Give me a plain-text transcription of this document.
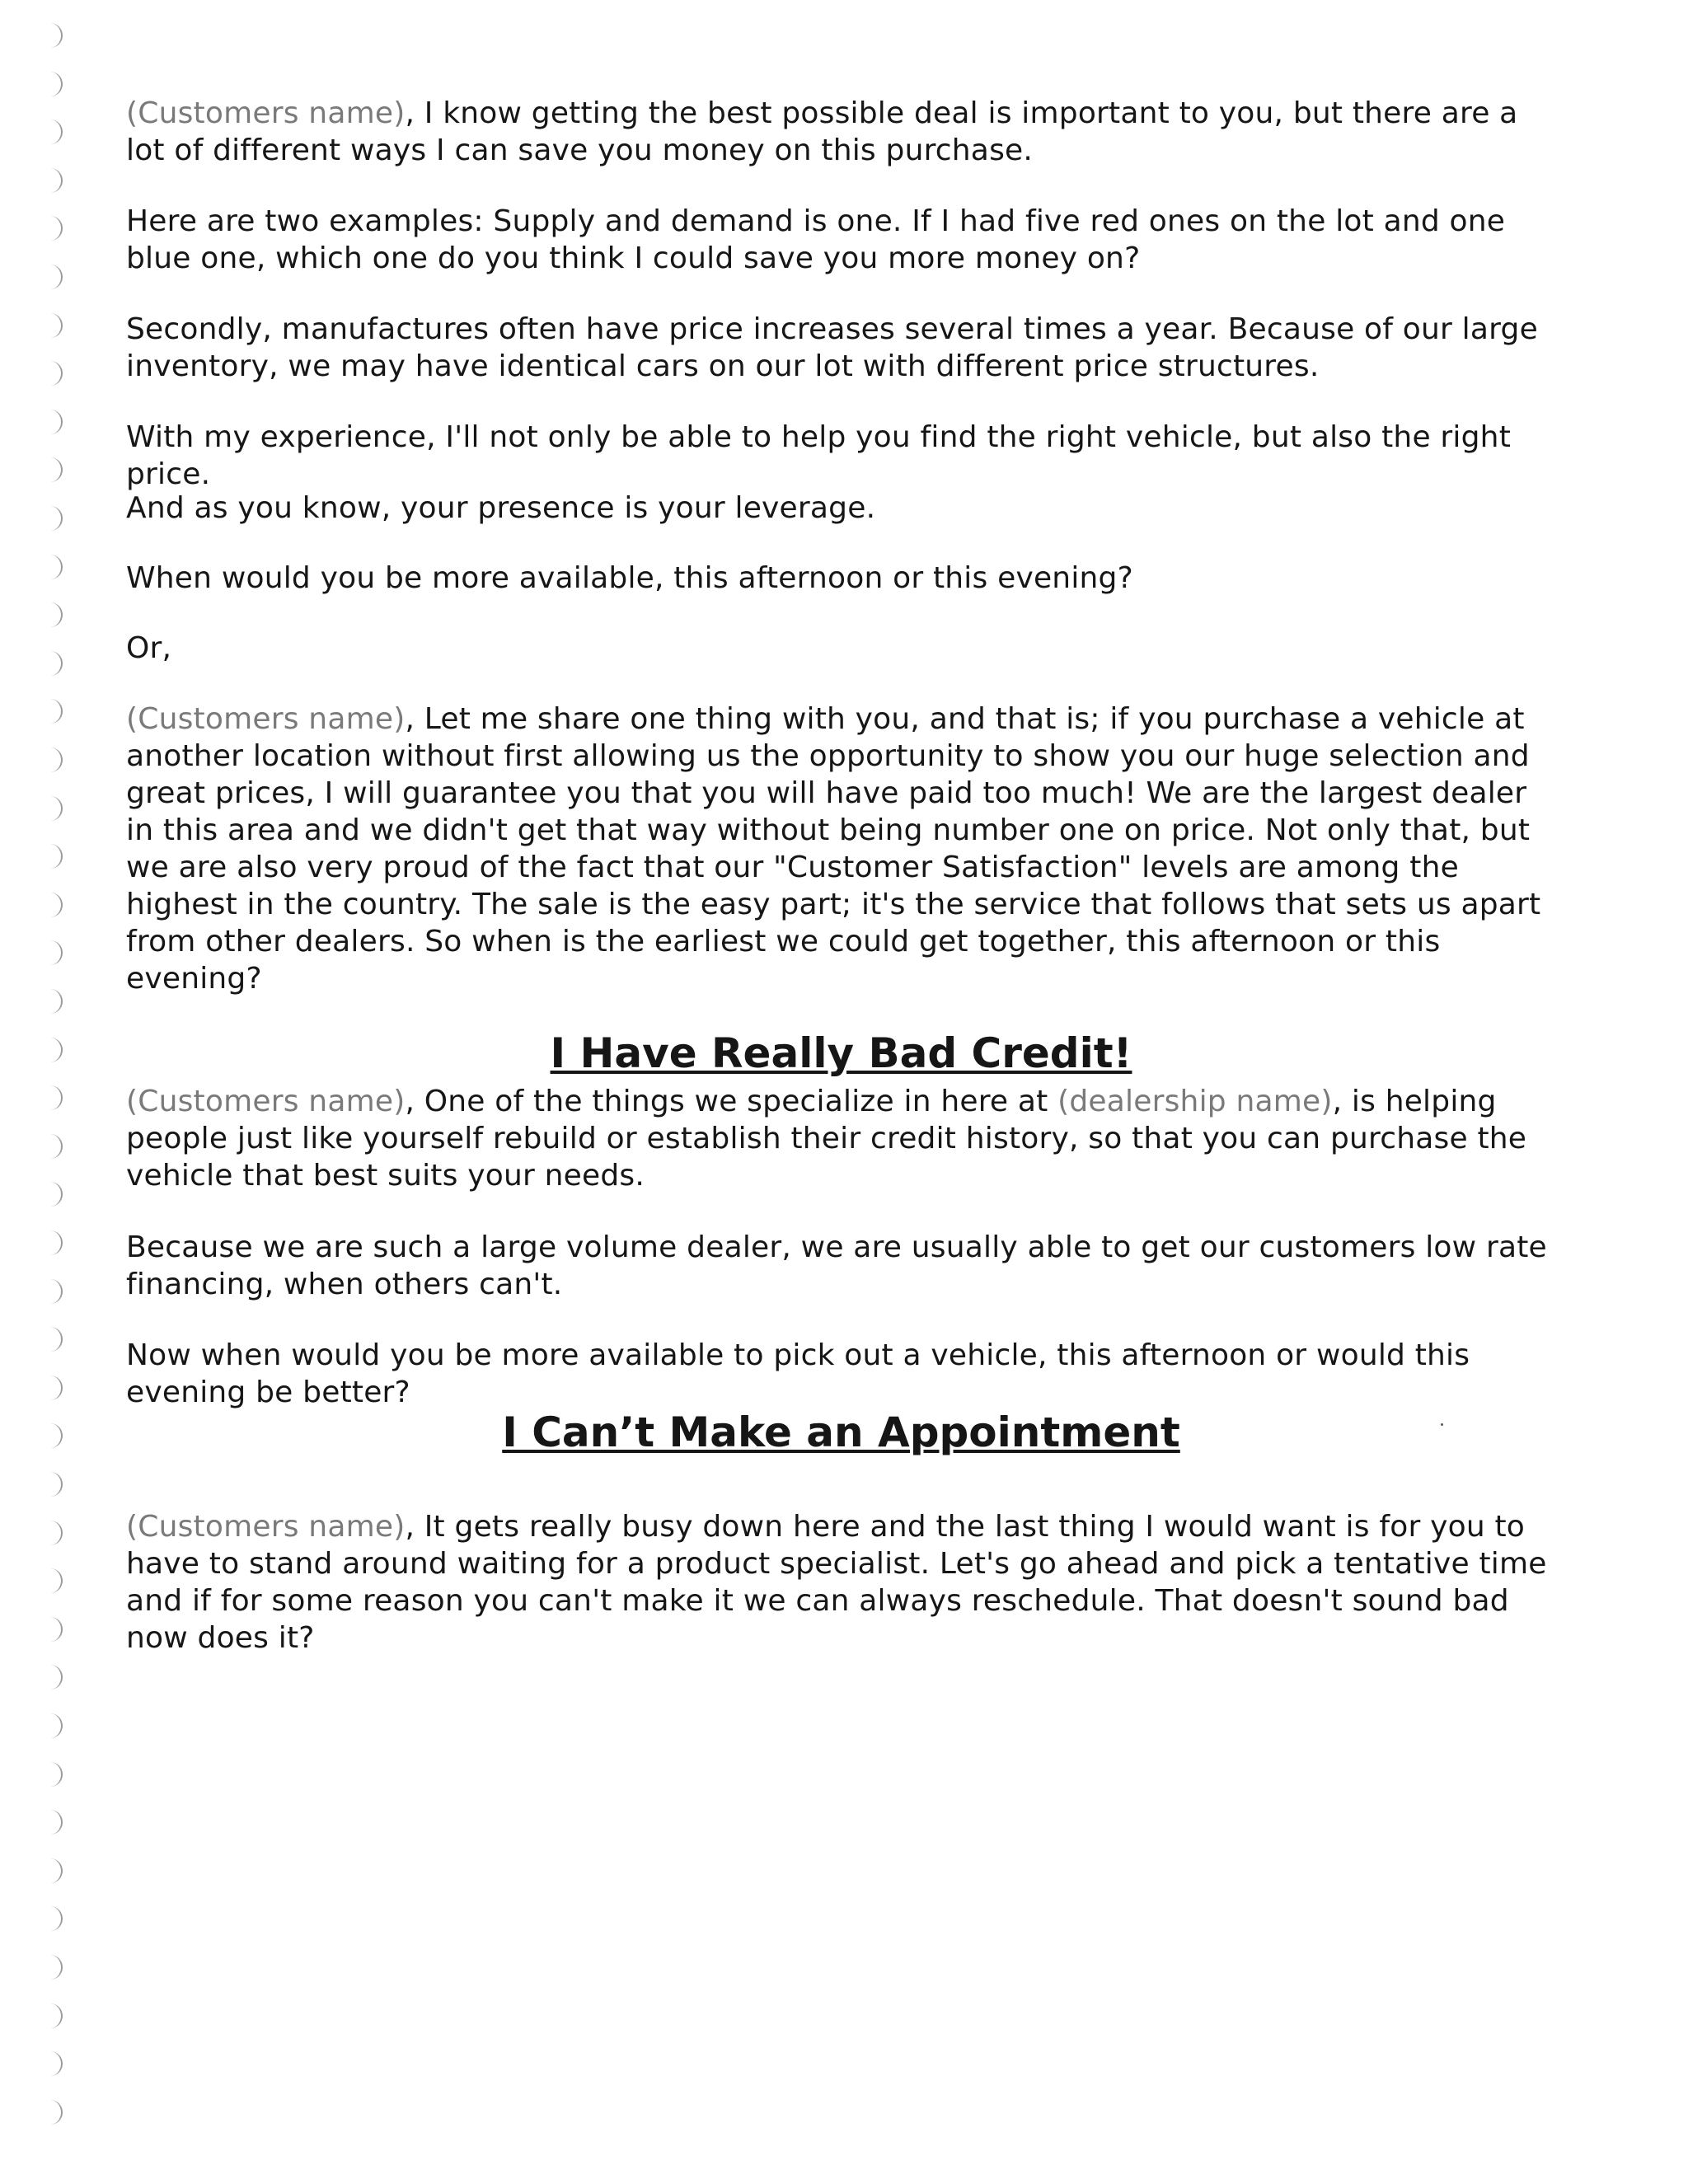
(Customers name), I know getting the best possible deal is important to you, but there are a lot of different ways I can save you money on this purchase.

Here are two examples: Supply and demand is one. If I had five red ones on the lot and one blue one, which one do you think I could save you more money on?

Secondly, manufactures often have price increases several times a year. Because of our large inventory, we may have identical cars on our lot with different price structures.

With my experience, I'll not only be able to help you find the right vehicle, but also the right price.

And as you know, your presence is your leverage.

When would you be more available, this afternoon or this evening?

Or,

(Customers name), Let me share one thing with you, and that is; if you purchase a vehicle at another location without first allowing us the opportunity to show you our huge selection and great prices, I will guarantee you that you will have paid too much! We are the largest dealer in this area and we didn't get that way without being number one on price. Not only that, but we are also very proud of the fact that our "Customer Satisfaction" levels are among the highest in the country. The sale is the easy part; it's the service that follows that sets us apart from other dealers. So when is the earliest we could get together, this afternoon or this evening?

I Have Really Bad Credit!

(Customers name), One of the things we specialize in here at (dealership name), is helping people just like yourself rebuild or establish their credit history, so that you can purchase the vehicle that best suits your needs.

Because we are such a large volume dealer, we are usually able to get our customers low rate financing, when others can't.

Now when would you be more available to pick out a vehicle, this afternoon or would this evening be better?

I Can’t Make an Appointment

(Customers name), It gets really busy down here and the last thing I would want is for you to have to stand around waiting for a product specialist. Let's go ahead and pick a tentative time and if for some reason you can't make it we can always reschedule. That doesn't sound bad now does it?
